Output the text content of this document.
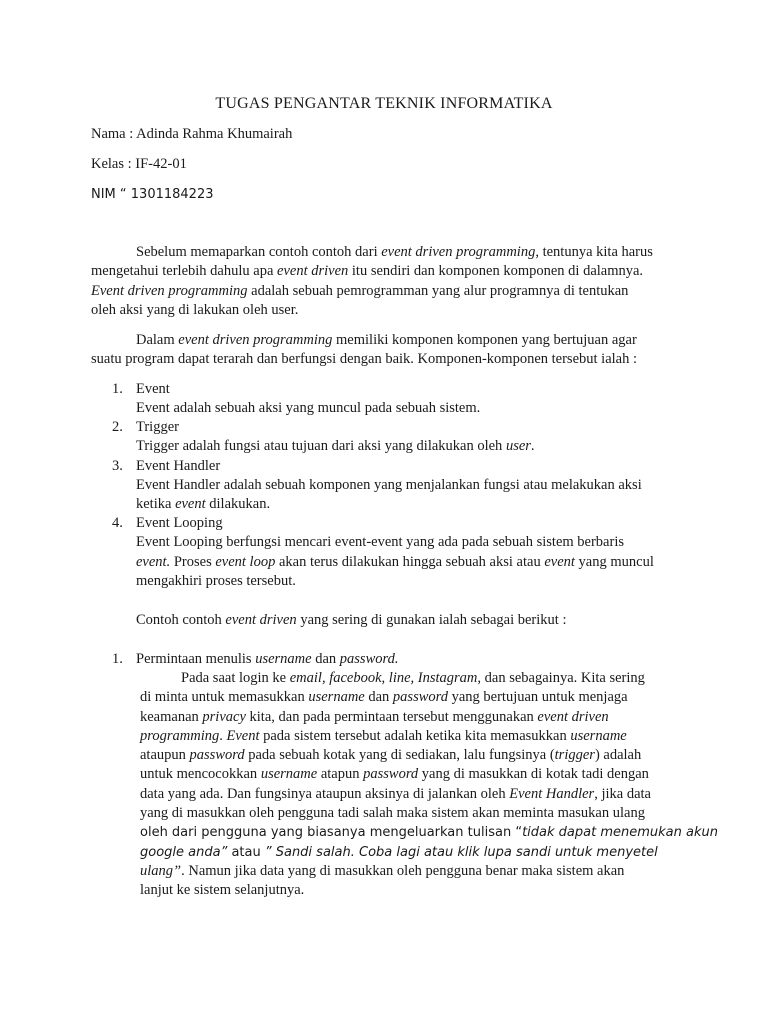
TUGAS PENGANTAR TEKNIK INFORMATIKA
Nama : Adinda Rahma Khumairah
Kelas : IF-42-01
NIM “ 1301184223
Sebelum memaparkan contoh contoh dari event driven programming, tentunya kita harus
mengetahui terlebih dahulu apa event driven itu sendiri dan komponen komponen di dalamnya.
Event driven programming adalah sebuah pemrogramman yang alur programnya di tentukan
oleh aksi yang di lakukan oleh user.
Dalam event driven programming memiliki komponen komponen yang bertujuan agar
suatu program dapat terarah dan berfungsi dengan baik. Komponen-komponen tersebut ialah :
1. Event
Event adalah sebuah aksi yang muncul pada sebuah sistem.
2. Trigger
Trigger adalah fungsi atau tujuan dari aksi yang dilakukan oleh user.
3. Event Handler
Event Handler adalah sebuah komponen yang menjalankan fungsi atau melakukan aksi
ketika event dilakukan.
4. Event Looping
Event Looping berfungsi mencari event-event yang ada pada sebuah sistem berbaris
event. Proses event loop akan terus dilakukan hingga sebuah aksi atau event yang muncul
mengakhiri proses tersebut.
Contoh contoh event driven yang sering di gunakan ialah sebagai berikut :
1. Permintaan menulis username dan password.
Pada saat login ke email, facebook, line, Instagram, dan sebagainya. Kita sering
di minta untuk memasukkan username dan password yang bertujuan untuk menjaga
keamanan privacy kita, dan pada permintaan tersebut menggunakan event driven
programming. Event pada sistem tersebut adalah ketika kita memasukkan username
ataupun password pada sebuah kotak yang di sediakan, lalu fungsinya (trigger) adalah
untuk mencocokkan username atapun password yang di masukkan di kotak tadi dengan
data yang ada. Dan fungsinya ataupun aksinya di jalankan oleh Event Handler, jika data
yang di masukkan oleh pengguna tadi salah maka sistem akan meminta masukan ulang
oleh dari pengguna yang biasanya mengeluarkan tulisan “tidak dapat menemukan akun
google anda” atau ” Sandi salah. Coba lagi atau klik lupa sandi untuk menyetel
ulang”. Namun jika data yang di masukkan oleh pengguna benar maka sistem akan
lanjut ke sistem selanjutnya.
